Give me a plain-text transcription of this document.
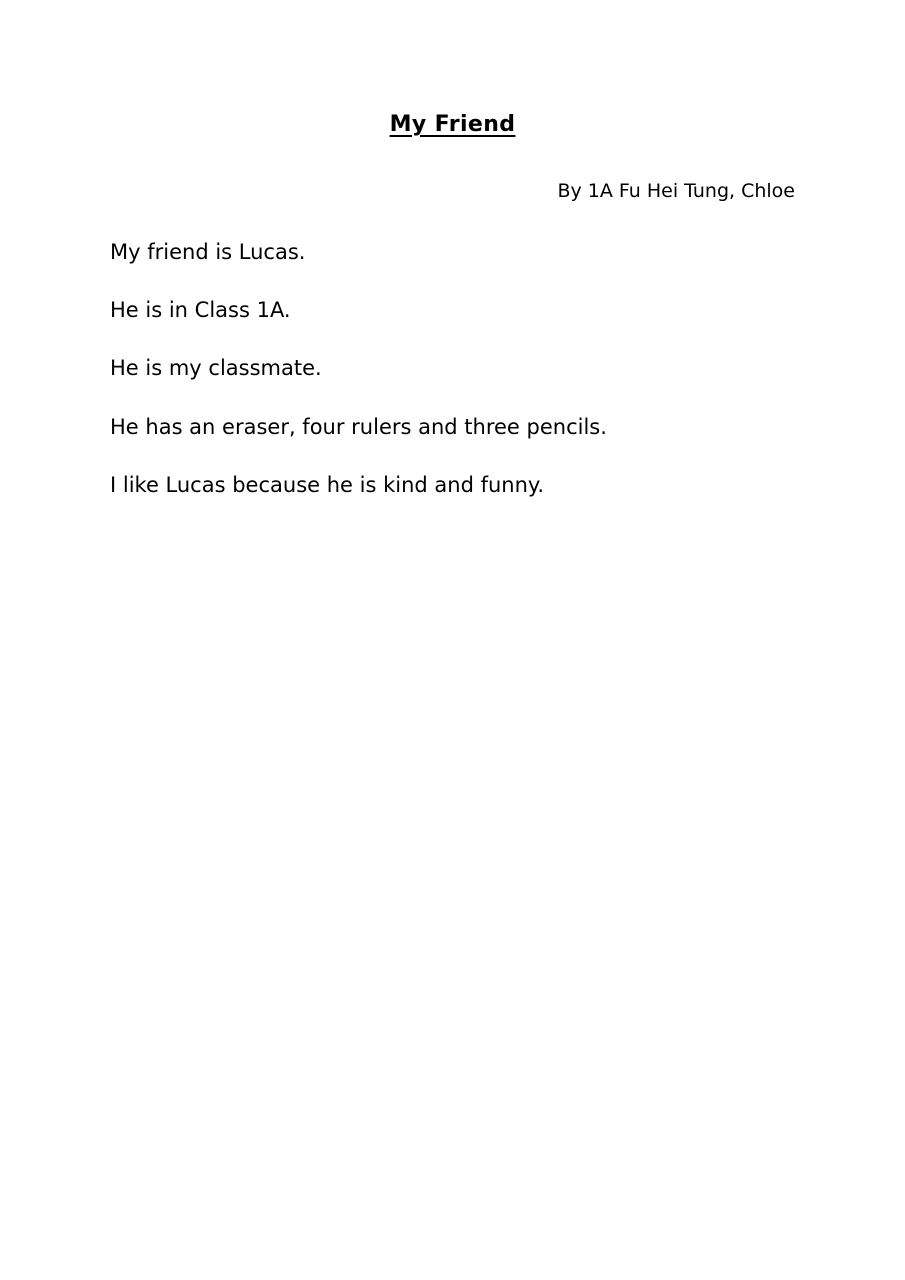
My Friend
By 1A Fu Hei Tung, Chloe
My friend is Lucas.
He is in Class 1A.
He is my classmate.
He has an eraser, four rulers and three pencils.
I like Lucas because he is kind and funny.
